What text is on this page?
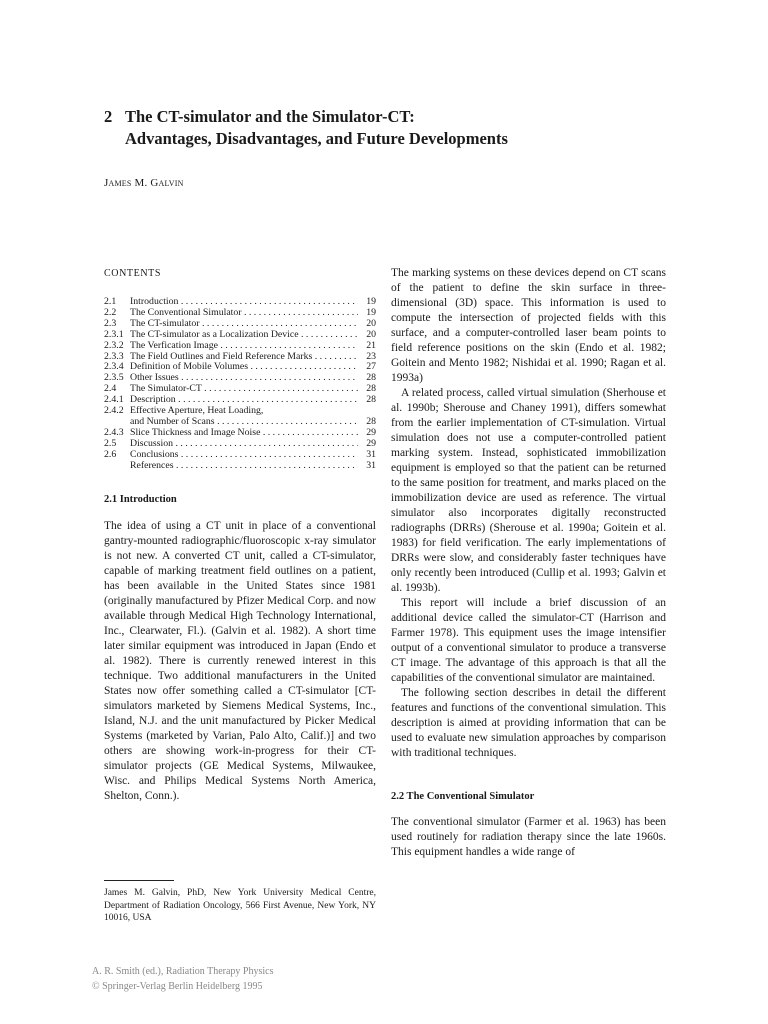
2 The CT-simulator and the Simulator-CT:
Advantages, Disadvantages, and Future Developments
James M. Galvin
CONTENTS
2.1	Introduction . . .	19
2.2	The Conventional Simulator . . .	19
2.3	The CT-simulator . . .	20
2.3.1 The CT-simulator as a Localization Device . . .	20
2.3.2 The Verfication Image . . .	21
2.3.3 The Field Outlines and Field Reference Marks . . .	23
2.3.4 Definition of Mobile Volumes . . .	27
2.3.5 Other Issues . . .	28
2.4	The Simulator-CT . . .	28
2.4.1 Description . . .	28
2.4.2 Effective Aperture, Heat Loading,
and Number of Scans . . .	28
2.4.3 Slice Thickness and Image Noise . . .	29
2.5	Discussion . . .	29
2.6	Conclusions . . .	31
References . . .	31
2.1 Introduction

The idea of using a CT unit in place of a conventional gantry-mounted radiographic/fluoroscopic x-ray simulator is not new. A converted CT unit, called a CT-simulator, capable of marking treatment field outlines on a patient, has been available in the United States since 1981 (originally manufactured by Pfizer Medical Corp. and now available through Medical High Technology International, Inc., Clearwater, Fl.). (Galvin et al. 1982). A short time later similar equipment was introduced in Japan (Endo et al. 1982). There is currently renewed interest in this technique. Two additional manufacturers in the United States now offer something called a CT-simulator [CT-simulators marketed by Siemens Medical Systems, Inc., Island, N.J. and the unit manufactured by Picker Medical Systems (marketed by Varian, Palo Alto, Calif.)] and two others are showing work-in-progress for their CT-simulator projects (GE Medical Systems, Milwaukee, Wisc. and Philips Medical Systems North America, Shelton, Conn.).

The marking systems on these devices depend on CT scans of the patient to define the skin surface in three-dimensional (3D) space. This information is used to compute the intersection of projected fields with this surface, and a computer-controlled laser beam points to field reference positions on the skin (Endo et al. 1982; Goitein and Mento 1982; Nishidai et al. 1990; Ragan et al. 1993a)

A related process, called virtual simulation (Sherhouse et al. 1990b; Sherouse and Chaney 1991), differs somewhat from the earlier implementation of CT-simulation. Virtual simulation does not use a computer-controlled patient marking system. Instead, sophisticated immobilization equipment is employed so that the patient can be returned to the same position for treatment, and marks placed on the immobilization device are used as reference. The virtual simulator also incorporates digitally reconstructed radiographs (DRRs) (Sherouse et al. 1990a; Goitein et al. 1983) for field verification. The early implementations of DRRs were slow, and considerably faster techniques have only recently been introduced (Cullip et al. 1993; Galvin et al. 1993b).

This report will include a brief discussion of an additional device called the simulator-CT (Harrison and Farmer 1978). This equipment uses the image intensifier output of a conventional simulator to produce a transverse CT image. The advantage of this approach is that all the capabilities of the conventional simulator are maintained.

The following section describes in detail the different features and functions of the conventional simulation. This description is aimed at providing information that can be used to evaluate new simulation approaches by comparison with traditional techniques.

2.2 The Conventional Simulator

The conventional simulator (Farmer et al. 1963) has been used routinely for radiation therapy since the late 1960s. This equipment handles a wide range of

James M. Galvin, PhD, New York University Medical Centre, Department of Radiation Oncology, 566 First Avenue, New York, NY 10016, USA
A. R. Smith (ed.), Radiation Therapy Physics
© Springer-Verlag Berlin Heidelberg 1995
